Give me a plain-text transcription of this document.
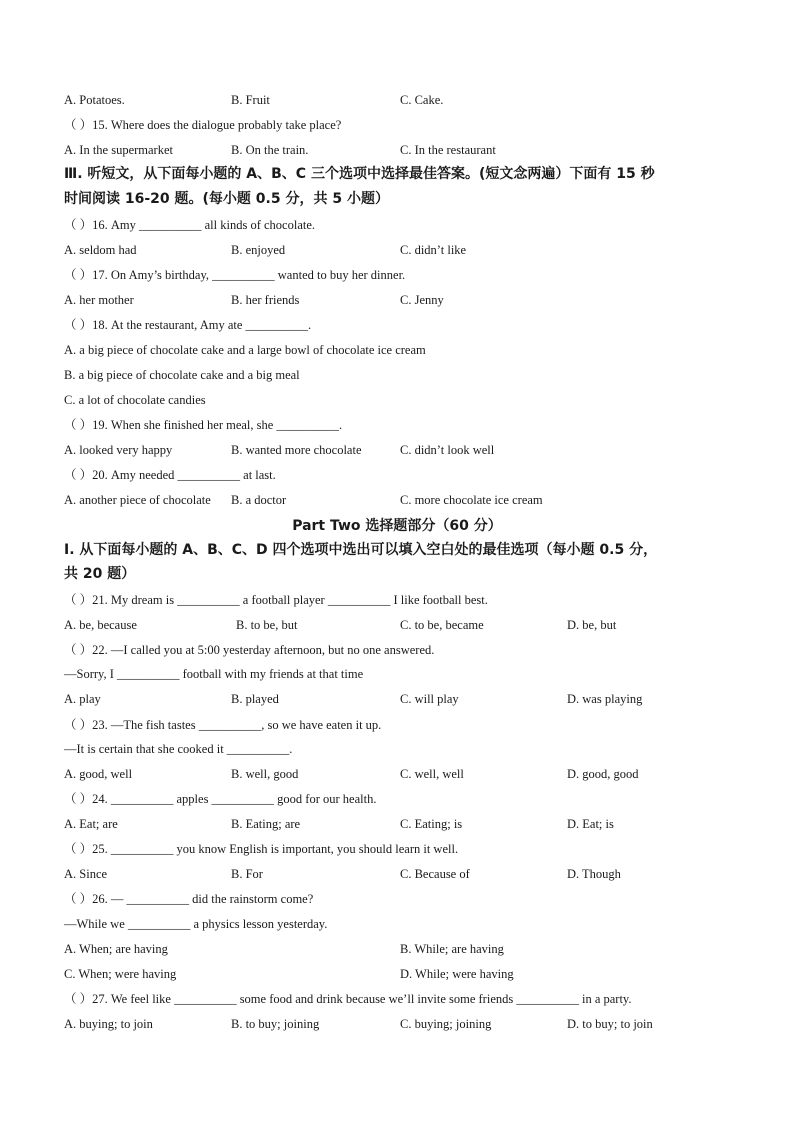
A. Potatoes.	B. Fruit	C. Cake.
（ ）15. Where does the dialogue probably take place?
A. In the supermarket	B. On the train.	C. In the restaurant
Ⅲ. 听短文，从下面每小题的 A、B、C 三个选项中选择最佳答案。(短文念两遍）下面有 15 秒
时间阅读 16-20 题。(每小题 0.5 分，共 5 小题）
（ ）16. Amy __________ all kinds of chocolate.
A. seldom had	B. enjoyed	C. didn’t like
（ ）17. On Amy’s birthday, __________ wanted to buy her dinner.
A. her mother	B. her friends	C. Jenny
（ ）18. At the restaurant, Amy ate __________.
A. a big piece of chocolate cake and a large bowl of chocolate ice cream
B. a big piece of chocolate cake and a big meal
C. a lot of chocolate candies
（ ）19. When she finished her meal, she __________.
A. looked very happy	B. wanted more chocolate	C. didn’t look well
（ ）20. Amy needed __________ at last.
A. another piece of chocolate B. a doctor	C. more chocolate ice cream
Part Two 选择题部分（60 分）
Ⅰ. 从下面每小题的 A、B、C、D 四个选项中选出可以填入空白处的最佳选项（每小题 0.5 分，
共 20 题）
（ ）21. My dream is __________ a football player __________ I like football best.
A. be, because	B. to be, but	C. to be, became	D. be, but
（ ）22. —I called you at 5:00 yesterday afternoon, but no one answered.
—Sorry, I __________ football with my friends at that time
A. play	B. played	C. will play	D. was playing
（ ）23. —The fish tastes __________, so we have eaten it up.
—It is certain that she cooked it __________.
A. good, well	B. well, good	C. well, well	D. good, good
（ ）24. __________ apples __________ good for our health.
A. Eat; are	B. Eating; are	C. Eating; is	D. Eat; is
（ ）25. __________ you know English is important, you should learn it well.
A. Since	B. For	C. Because of	D. Though
（ ）26. — __________ did the rainstorm come?
—While we __________ a physics lesson yesterday.
A. When; are having	B. While; are having
C. When; were having	D. While; were having
（ ）27. We feel like __________ some food and drink because we’ll invite some friends __________ in a party.
A. buying; to join	B. to buy; joining	C. buying; joining	D. to buy; to join
